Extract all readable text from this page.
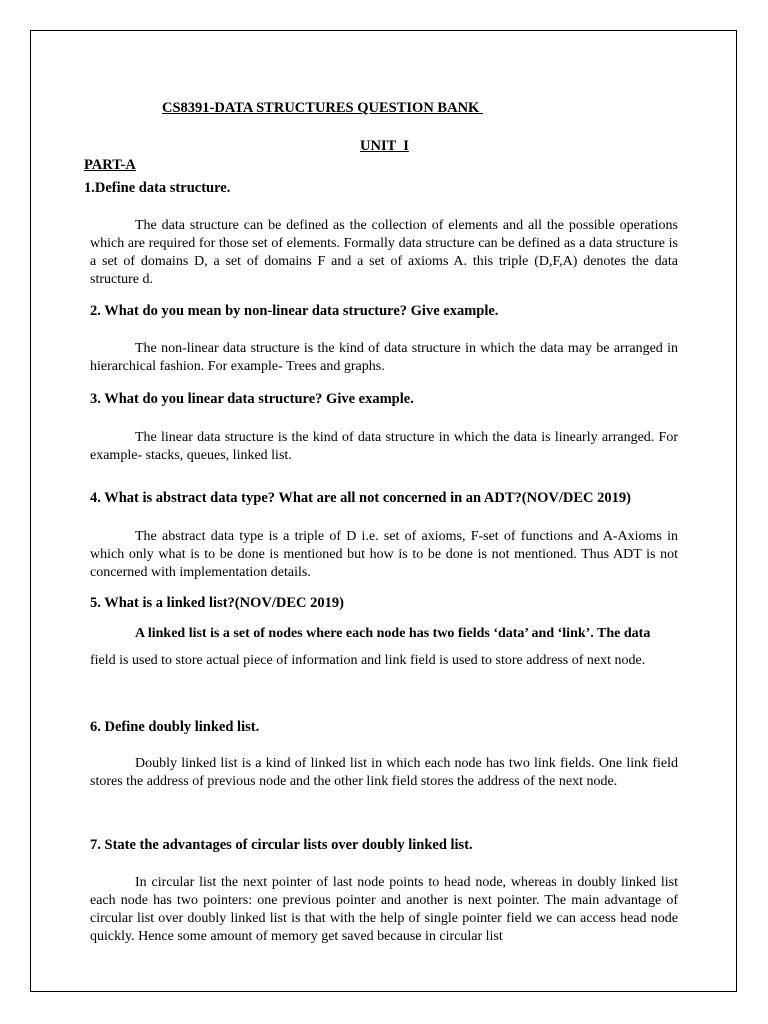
CS8391-DATA STRUCTURES QUESTION BANK

UNIT  I

PART-A

1.Define data structure.

The data structure can be defined as the collection of elements and all the possible operations which are required for those set of elements. Formally data structure can be defined as a data structure is a set of domains D, a set of domains F and a set of axioms A. this triple (D,F,A) denotes the data structure d.

2. What do you mean by non-linear data structure? Give example.

The non-linear data structure is the kind of data structure in which the data may be arranged in hierarchical fashion. For example- Trees and graphs.

3. What do you linear data structure? Give example.

The linear data structure is the kind of data structure in which the data is linearly arranged. For example- stacks, queues, linked list.

4. What is abstract data type? What are all not concerned in an ADT?(NOV/DEC 2019)

The abstract data type is a triple of D i.e. set of axioms, F-set of functions and A-Axioms in which only what is to be done is mentioned but how is to be done is not mentioned. Thus ADT is not concerned with implementation details.

5. What is a linked list?(NOV/DEC 2019)

A linked list is a set of nodes where each node has two fields ‘data’ and ‘link’. The data

field is used to store actual piece of information and link field is used to store address of next node.

6. Define doubly linked list.

Doubly linked list is a kind of linked list in which each node has two link fields. One link field stores the address of previous node and the other link field stores the address of the next node.

7. State the advantages of circular lists over doubly linked list.

In circular list the next pointer of last node points to head node, whereas in doubly linked list each node has two pointers: one previous pointer and another is next pointer. The main advantage of circular list over doubly linked list is that with the help of single pointer field we can access head node quickly. Hence some amount of memory get saved because in circular list
